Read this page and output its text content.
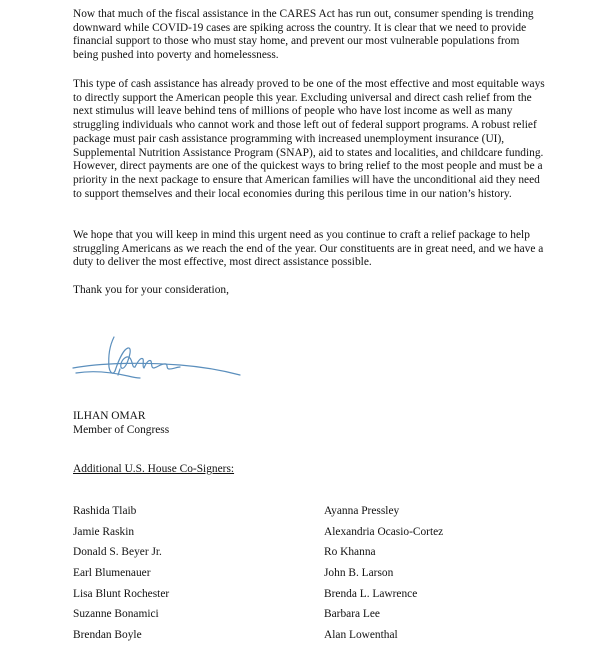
Now that much of the fiscal assistance in the CARES Act has run out, consumer spending is trending downward while COVID-19 cases are spiking across the country. It is clear that we need to provide financial support to those who must stay home, and prevent our most vulnerable populations from being pushed into poverty and homelessness.

This type of cash assistance has already proved to be one of the most effective and most equitable ways to directly support the American people this year. Excluding universal and direct cash relief from the next stimulus will leave behind tens of millions of people who have lost income as well as many struggling individuals who cannot work and those left out of federal support programs. A robust relief package must pair cash assistance programming with increased unemployment insurance (UI), Supplemental Nutrition Assistance Program (SNAP), aid to states and localities, and childcare funding. However, direct payments are one of the quickest ways to bring relief to the most people and must be a priority in the next package to ensure that American families will have the unconditional aid they need to support themselves and their local economies during this perilous time in our nation’s history.

We hope that you will keep in mind this urgent need as you continue to craft a relief package to help struggling Americans as we reach the end of the year. Our constituents are in great need, and we have a duty to deliver the most effective, most direct assistance possible.

Thank you for your consideration,

ILHAN OMAR
Member of Congress
Additional U.S. House Co-Signers:
Rashida Tlaib
Jamie Raskin
Donald S. Beyer Jr.
Earl Blumenauer
Lisa Blunt Rochester
Suzanne Bonamici
Brendan Boyle
Ayanna Pressley
Alexandria Ocasio-Cortez
Ro Khanna
John B. Larson
Brenda L. Lawrence
Barbara Lee
Alan Lowenthal
